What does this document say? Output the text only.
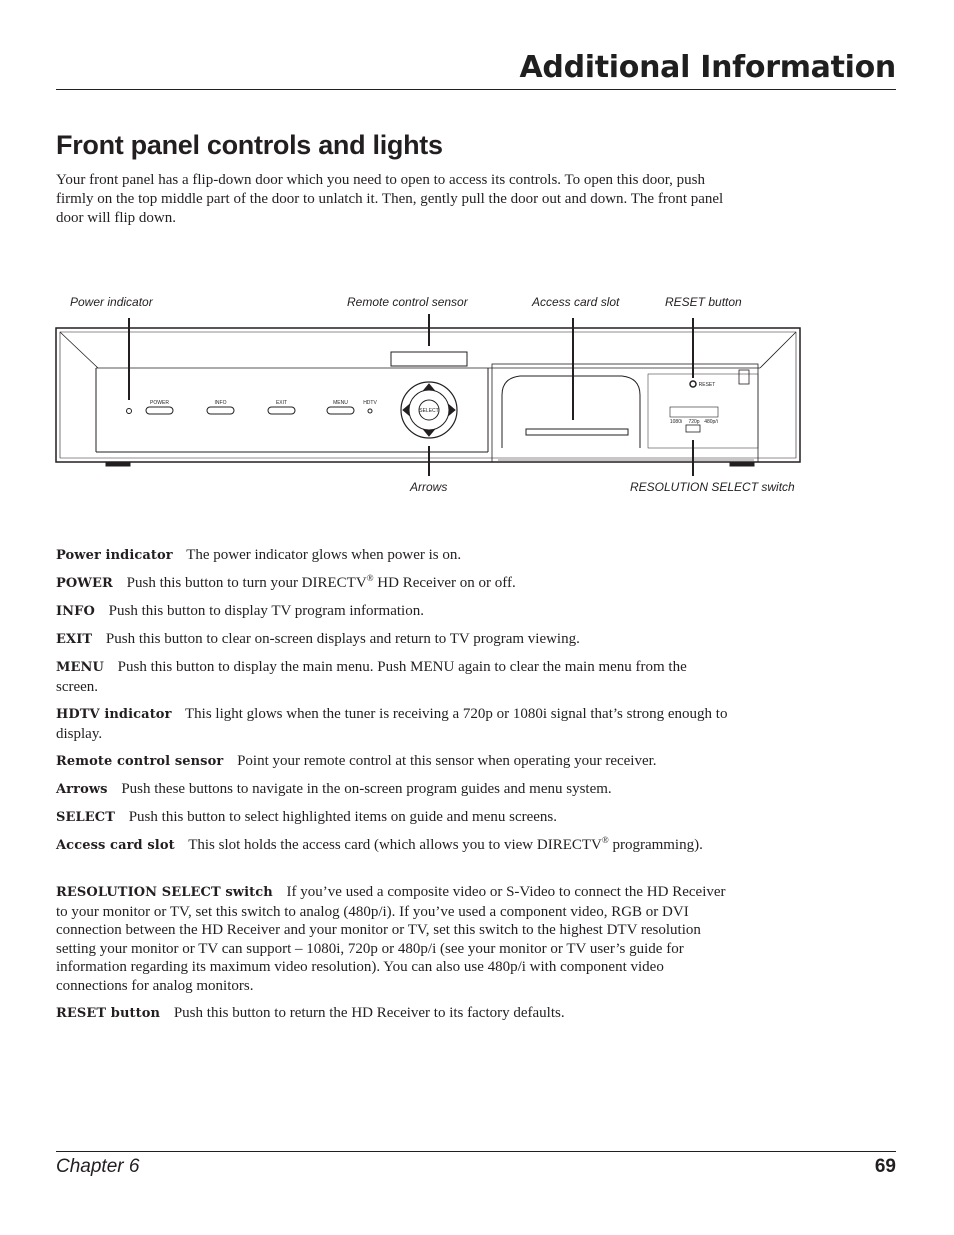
Additional Information
Front panel controls and lights

Your front panel has a flip-down door which you need to open to access its controls. To open this door, push firmly on the top middle part of the door to unlatch it. Then, gently pull the door out and down. The front panel door will flip down.

Power indicator	Remote control sensor	Access card slot	RESET button
Arrows	RESOLUTION SELECT switch
POWER	INFO	EXIT	MENU	HDTV
SELECT
RESET
1080i 720p 480p/i

Power indicator The power indicator glows when power is on.

POWER Push this button to turn your DIRECTV® HD Receiver on or off.

INFO Push this button to display TV program information.

EXIT Push this button to clear on-screen displays and return to TV program viewing.

MENU Push this button to display the main menu. Push MENU again to clear the main menu from the screen.

HDTV indicator This light glows when the tuner is receiving a 720p or 1080i signal that’s strong enough to display.

Remote control sensor Point your remote control at this sensor when operating your receiver.

Arrows Push these buttons to navigate in the on-screen program guides and menu system.

SELECT Push this button to select highlighted items on guide and menu screens.

Access card slot This slot holds the access card (which allows you to view DIRECTV® programming).

RESOLUTION SELECT switch If you’ve used a composite video or S-Video to connect the HD Receiver to your monitor or TV, set this switch to analog (480p/i). If you’ve used a component video, RGB or DVI connection between the HD Receiver and your monitor or TV, set this switch to the highest DTV resolution setting your monitor or TV can support – 1080i, 720p or 480p/i (see your monitor or TV user’s guide for information regarding its maximum video resolution). You can also use 480p/i with component video connections for analog monitors.

RESET button Push this button to return the HD Receiver to its factory defaults.

Chapter 6	69
